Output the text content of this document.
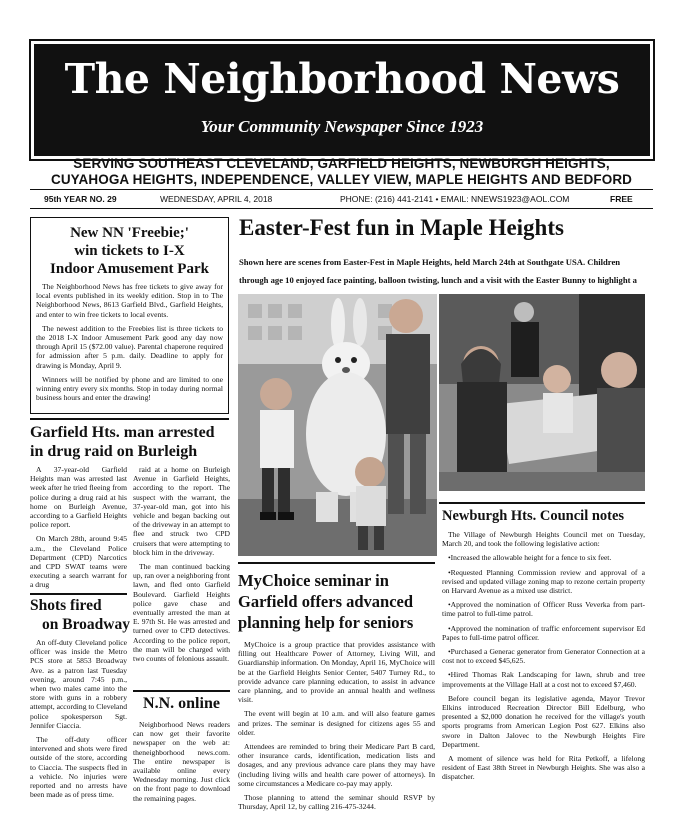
The Neighborhood News
Your Community Newspaper Since 1923
SERVING SOUTHEAST CLEVELAND, GARFIELD HEIGHTS, NEWBURGH HEIGHTS,
CUYAHOGA HEIGHTS, INDEPENDENCE, VALLEY VIEW, MAPLE HEIGHTS AND BEDFORD
95th YEAR NO. 29	WEDNESDAY, APRIL 4, 2018	PHONE: (216) 441-2141 • EMAIL: NNEWS1923@AOL.COM	FREE
New NN 'Freebie;'
win tickets to I-X
Indoor Amusement Park

The Neighborhood News has free tickets to give away for local events published in its weekly edition. Stop in to The Neighborhood News, 8613 Garfield Blvd., Garfield Heights, and enter to win free tickets to local events.

The newest addition to the Freebies list is three tickets to the 2018 I-X Indoor Amusement Park good any day now through April 15 ($72.00 value). Parental chaperone required for admission after 5 p.m. daily. Deadline to apply for drawing is Monday, April 9.

Winners will be notified by phone and are limited to one winning entry every six months. Stop in today during normal business hours and enter the drawing!

Garfield Hts. man arrested
in drug raid on Burleigh

A 37-year-old Garfield Heights man was arrested last week after he tried fleeing from police during a drug raid at his home on Burleigh Avenue, according to a Garfield Heights police report.

On March 28th, around 9:45 a.m., the Cleveland Police Department (CPD) Narcotics and CPD SWAT teams were executing a search warrant for a drug

raid at a home on Burleigh Avenue in Garfield Heights, according to the report. The suspect with the warrant, the 37-year-old man, got into his vehicle and began backing out of the driveway in an attempt to flee and struck two CPD cruisers that were attempting to block him in the driveway.

The man continued backing up, ran over a neighboring front lawn, and fled onto Garfield Boulevard. Garfield Heights police gave chase and eventually arrested the man at E. 97th St. He was arrested and turned over to CPD detectives. According to the police report, the man will be charged with two counts of felonious assault.

Shots fired
on Broadway

An off-duty Cleveland police officer was inside the Metro PCS store at 5853 Broadway Ave. as a patron last Tuesday evening, around 7:45 p.m., when two males came into the store with guns in a robbery attempt, according to Cleveland police spokesperson Sgt. Jennifer Ciaccia.

The off-duty officer intervened and shots were fired outside of the store, according to Ciaccia. The suspects fled in a vehicle. No injuries were reported and no arrests have been made as of press time.

N.N. online

Neighborhood News readers can now get their favorite newspaper on the web at: theneighborhood news.com. The entire newspaper is available online every Wednesday morning. Just click on the front page to download the remaining pages.

Easter-Fest fun in Maple Heights
Shown here are scenes from Easter-Fest in Maple Heights, held March 24th at Southgate USA. Children through age 10 enjoyed face painting, balloon twisting, lunch and a visit with the Easter Bunny to highlight a
Newburgh Hts. Council notes

The Village of Newburgh Heights Council met on Tuesday, March 20, and took the following legislative action:

•Increased the allowable height for a fence to six feet.

•Requested Planning Commission review and approval of a revised and updated village zoning map to rezone certain property on Harvard Avenue as a mixed use district.

•Approved the nomination of Officer Russ Veverka from part-time patrol to full-time patrol.

•Approved the nomination of traffic enforcement supervisor Ed Papes to full-time patrol officer.

•Purchased a Generac generator from Generator Connection at a cost not to exceed $45,625.

•Hired Thomas Rak Landscaping for lawn, shrub and tree improvements at the Village Hall at a cost not to exceed $7,460.

Before council began its legislative agenda, Mayor Trevor Elkins introduced Recreation Director Bill Edelburg, who presented a $2,000 donation he received for the village's youth sports programs from American Legion Post 627. Elkins also swore in Dalton Jalovec to the Newburgh Heights Fire Department.

A moment of silence was held for Rita Petkoff, a lifelong resident of East 38th Street in Newburgh Heights. She was also a dispatcher.

MyChoice seminar in
Garfield offers advanced
planning help for seniors

MyChoice is a group practice that provides assistance with filling out Healthcare Power of Attorney, Living Will, and Guardianship information. On Monday, April 16, MyChoice will be at the Garfield Heights Senior Center, 5407 Turney Rd., to provide advance care planning education, to assist in advance care planning, and to provide an annual health and wellness visit.

The event will begin at 10 a.m. and will also feature games and prizes. The seminar is designed for citizens ages 55 and older.

Attendees are reminded to bring their Medicare Part B card, other insurance cards, identification, medication lists and dosages, and any previous advance care plans they may have (including living wills and health care power of attorneys). In some circumstances a Medicare co-pay may apply.

Those planning to attend the seminar should RSVP by Thursday, April 12, by calling 216-475-3244.
